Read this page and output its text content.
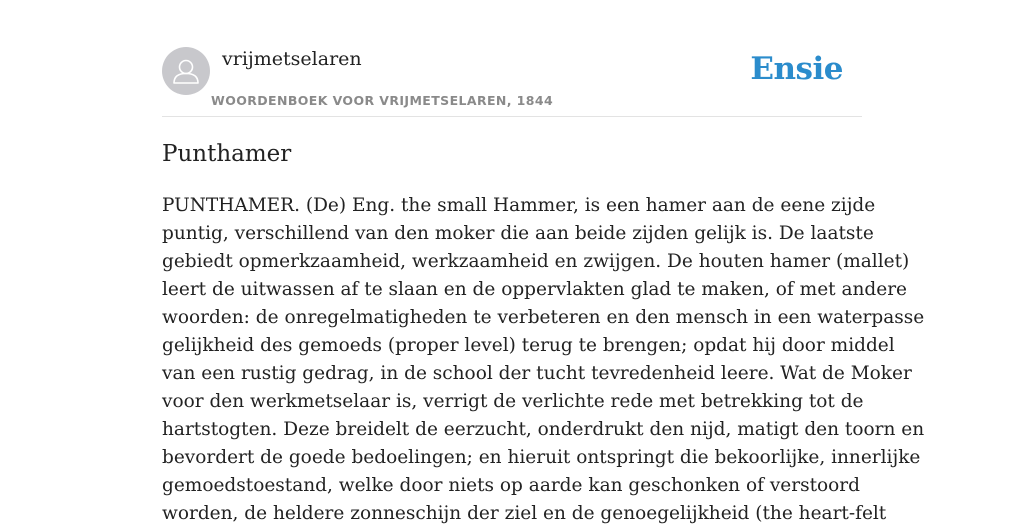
vrijmetselaren
WOORDENBOEK VOOR VRIJMETSELAREN, 1844
Ensie
Punthamer
PUNTHAMER. (De) Eng. the small Hammer, is een hamer aan de eene zijde
puntig, verschillend van den moker die aan beide zijden gelijk is. De laatste
gebiedt opmerkzaamheid, werkzaamheid en zwijgen. De houten hamer (mallet)
leert de uitwassen af te slaan en de oppervlakten glad te maken, of met andere
woorden: de onregelmatigheden te verbeteren en den mensch in een waterpasse
gelijkheid des gemoeds (proper level) terug te brengen; opdat hij door middel
van een rustig gedrag, in de school der tucht tevredenheid leere. Wat de Moker
voor den werkmetselaar is, verrigt de verlichte rede met betrekking tot de
hartstogten. Deze breidelt de eerzucht, onderdrukt den nijd, matigt den toorn en
bevordert de goede bedoelingen; en hieruit ontspringt die bekoorlijke, innerlijke
gemoedstoestand, welke door niets op aarde kan geschonken of verstoord
worden, de heldere zonneschijn der ziel en de genoegelijkheid (the heart-felt
